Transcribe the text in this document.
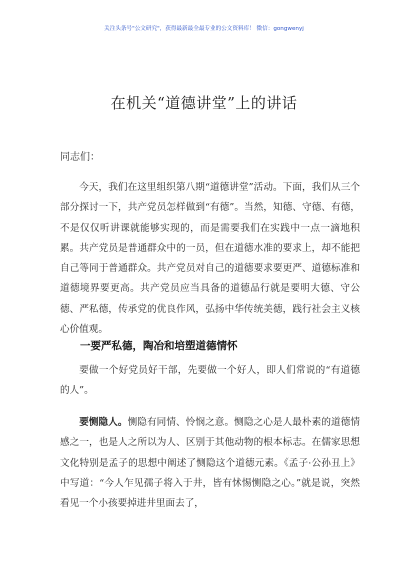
关注头条号"公文研究"，获得最新最全最专业的公文资料库！ 微信：gongwenyj
在机关“道德讲堂”上的讲话
同志们：
今天，我们在这里组织第八期“道德讲堂”活动。下面，我们从三个部分探讨一下，共产党员怎样做到“有德”。当然，知德、守德、有德，不是仅仅听讲课就能够实现的，而是需要我们在实践中一点一滴地积累。共产党员是普通群众中的一员，但在道德水准的要求上，却不能把自己等同于普通群众。共产党员对自己的道德要求要更严、道德标准和道德境界要更高。共产党员应当具备的道德品行就是要明大德、守公德、严私德，传承党的优良作风，弘扬中华传统美德，践行社会主义核心价值观。
一要严私德，陶冶和培塑道德情怀
要做一个好党员好干部，先要做一个好人，即人们常说的“有道德的人”。
要恻隐人。恻隐有同情、怜悯之意。恻隐之心是人最朴素的道德情感之一，也是人之所以为人、区别于其他动物的根本标志。在儒家思想文化特别是孟子的思想中阐述了恻隐这个道德元素。《孟子·公孙丑上》中写道：“今人乍见孺子将入于井，皆有怵惕恻隐之心。”就是说，突然看见一个小孩要掉进井里面去了，
